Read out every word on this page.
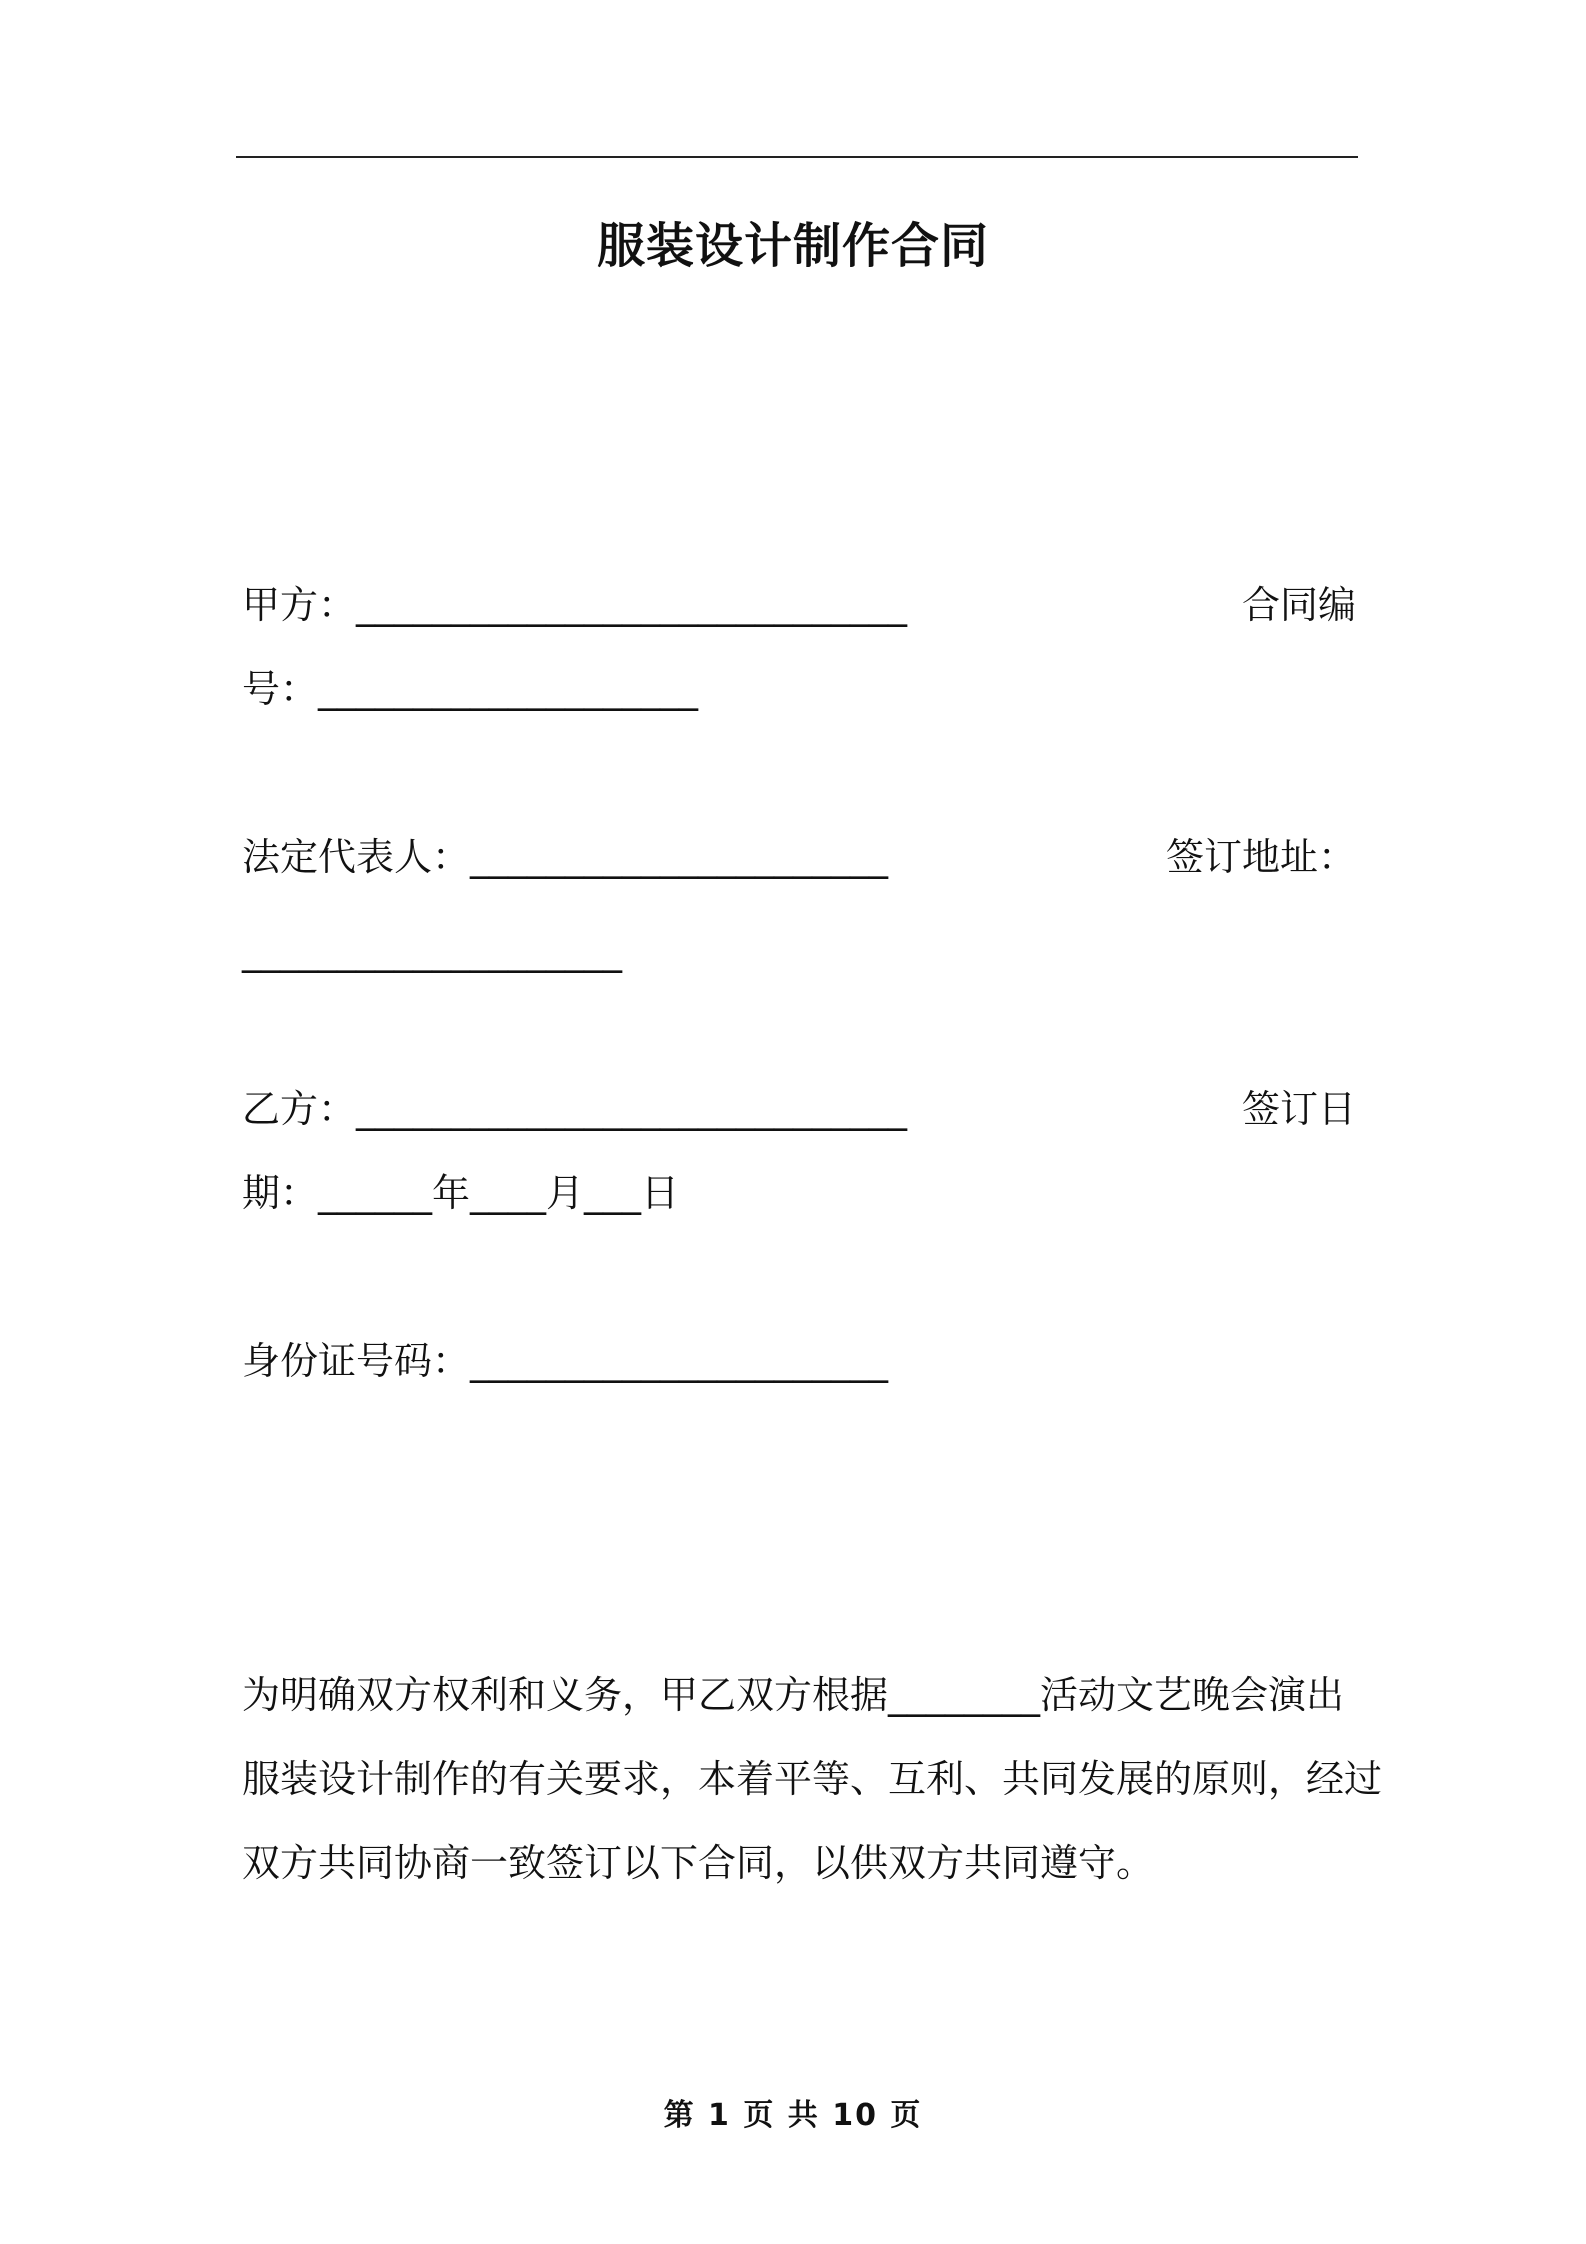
服装设计制作合同
甲方：_____________________________	合同编
号：____________________
法定代表人：______________________	签订地址：
____________________
乙方：_____________________________	签订日
期：______年____月___日
身份证号码：______________________
为明确双方权利和义务，甲乙双方根据________活动文艺晚会演出
服装设计制作的有关要求，本着平等、互利、共同发展的原则，经过
双方共同协商一致签订以下合同，以供双方共同遵守。
第 1 页 共 10 页
